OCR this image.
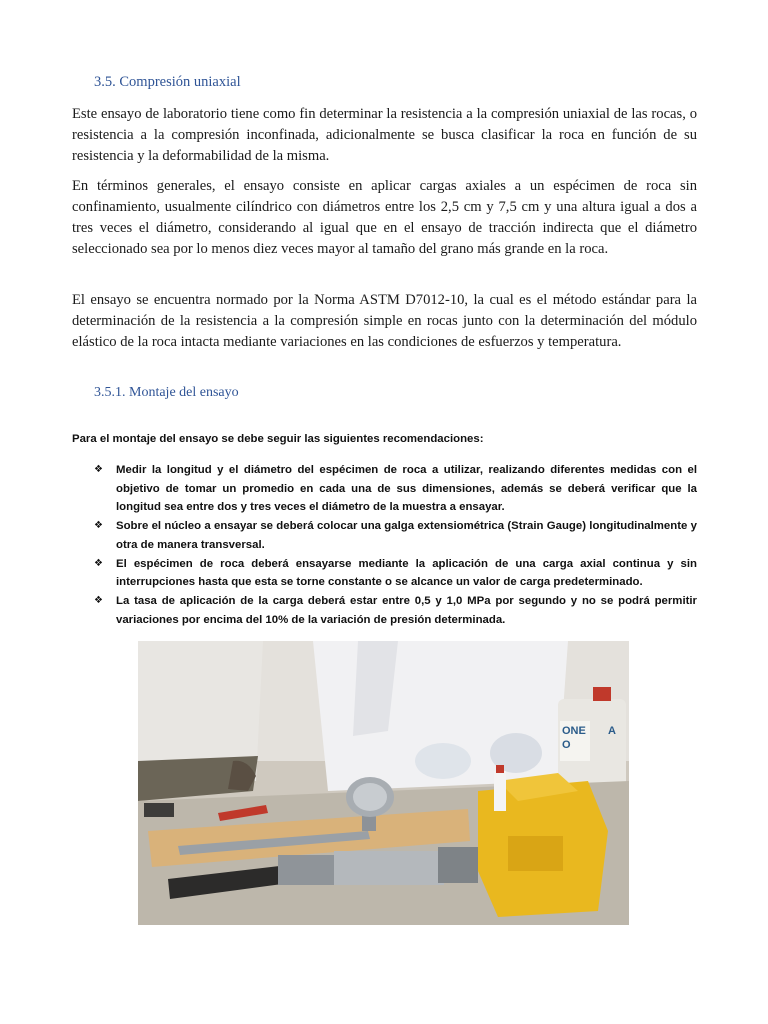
3.5. Compresión uniaxial

Este ensayo de laboratorio tiene como fin determinar la resistencia a la compresión uniaxial de las rocas, o resistencia a la compresión inconfinada, adicionalmente se busca clasificar la roca en función de su resistencia y la deformabilidad de la misma.

En términos generales, el ensayo consiste en aplicar cargas axiales a un espécimen de roca sin confinamiento, usualmente cilíndrico con diámetros entre los 2,5 cm y 7,5 cm y una altura igual a dos a tres veces el diámetro, considerando al igual que en el ensayo de tracción indirecta que el diámetro seleccionado sea por lo menos diez veces mayor al tamaño del grano más grande en la roca.

El ensayo se encuentra normado por la Norma ASTM D7012-10, la cual es el método estándar para la determinación de la resistencia a la compresión simple en rocas junto con la determinación del módulo elástico de la roca intacta mediante variaciones en las condiciones de esfuerzos y temperatura.

3.5.1. Montaje del ensayo

Para el montaje del ensayo se debe seguir las siguientes recomendaciones:

❖ Medir la longitud y el diámetro del espécimen de roca a utilizar, realizando diferentes medidas con el objetivo de tomar un promedio en cada una de sus dimensiones, además se deberá verificar que la longitud sea entre dos y tres veces el diámetro de la muestra a ensayar.
❖ Sobre el núcleo a ensayar se deberá colocar una galga extensiométrica (Strain Gauge) longitudinalmente y otra de manera transversal.
❖ El espécimen de roca deberá ensayarse mediante la aplicación de una carga axial continua y sin interrupciones hasta que esta se torne constante o se alcance un valor de carga predeterminado.
❖ La tasa de aplicación de la carga deberá estar entre 0,5 y 1,0 MPa por segundo y no se podrá permitir variaciones por encima del 10% de la variación de presión determinada.
ONE
O
A
